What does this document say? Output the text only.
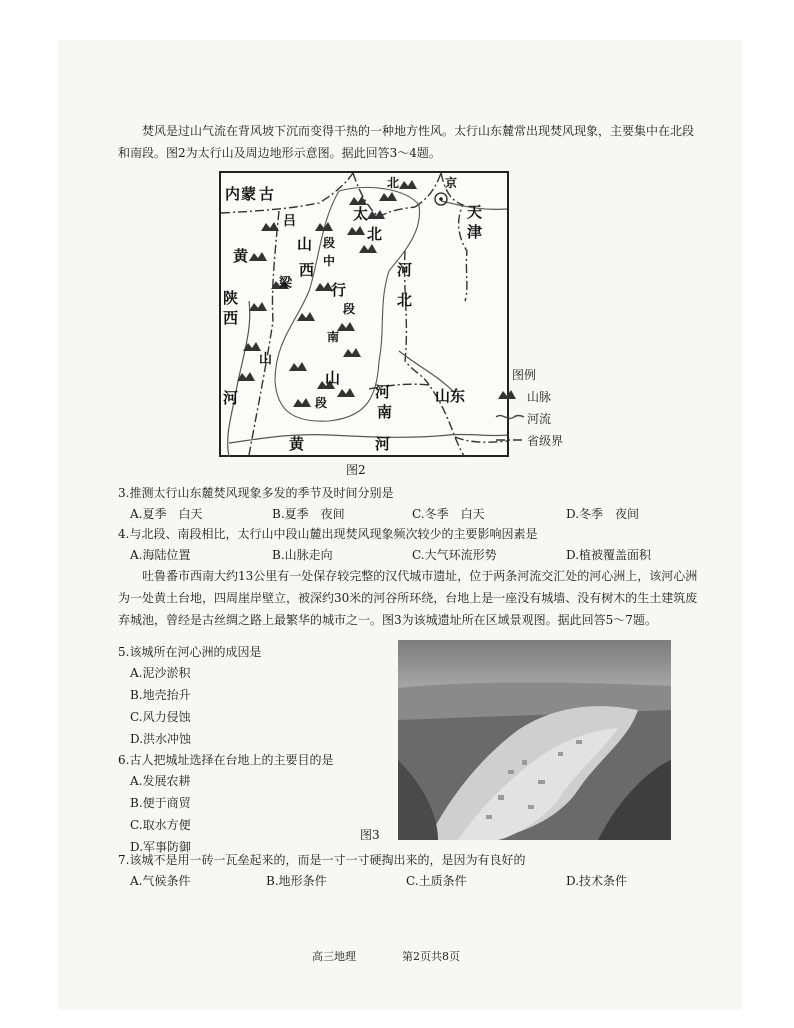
焚风是过山气流在背风坡下沉而变得干热的一种地方性风。太行山东麓常出现焚风现象，主要集中在北段和南段。图2为太行山及周边地形示意图。据此回答3～4题。
内 蒙 古
北	京
天
津
吕
山
西
梁
山
黄
陕
西
河
太
北
段
中
行
段
南
山
段
河
北
河
南
山东
黄	河
图例
山脉
河流
省级界
图2
3.推测太行山东麓焚风现象多发的季节及时间分别是
A.夏季　白天	B.夏季　夜间	C.冬季　白天	D.冬季　夜间
4.与北段、南段相比，太行山中段山麓出现焚风现象频次较少的主要影响因素是
A.海陆位置	B.山脉走向	C.大气环流形势	D.植被覆盖面积
吐鲁番市西南大约13公里有一处保存较完整的汉代城市遗址，位于两条河流交汇处的河心洲上，该河心洲为一处黄土台地，四周崖岸壁立，被深约30米的河谷所环绕，台地上是一座没有城墙、没有树木的生土建筑废弃城池，曾经是古丝绸之路上最繁华的城市之一。图3为该城遗址所在区域景观图。据此回答5～7题。
5.该城所在河心洲的成因是
A.泥沙淤积
B.地壳抬升
C.风力侵蚀
D.洪水冲蚀
6.古人把城址选择在台地上的主要目的是
A.发展农耕
B.便于商贸
C.取水方便
D.军事防御
图3
7.该城不是用一砖一瓦垒起来的，而是一寸一寸硬掏出来的，是因为有良好的
A.气候条件	B.地形条件	C.土质条件	D.技术条件
高三地理	第2页共8页
